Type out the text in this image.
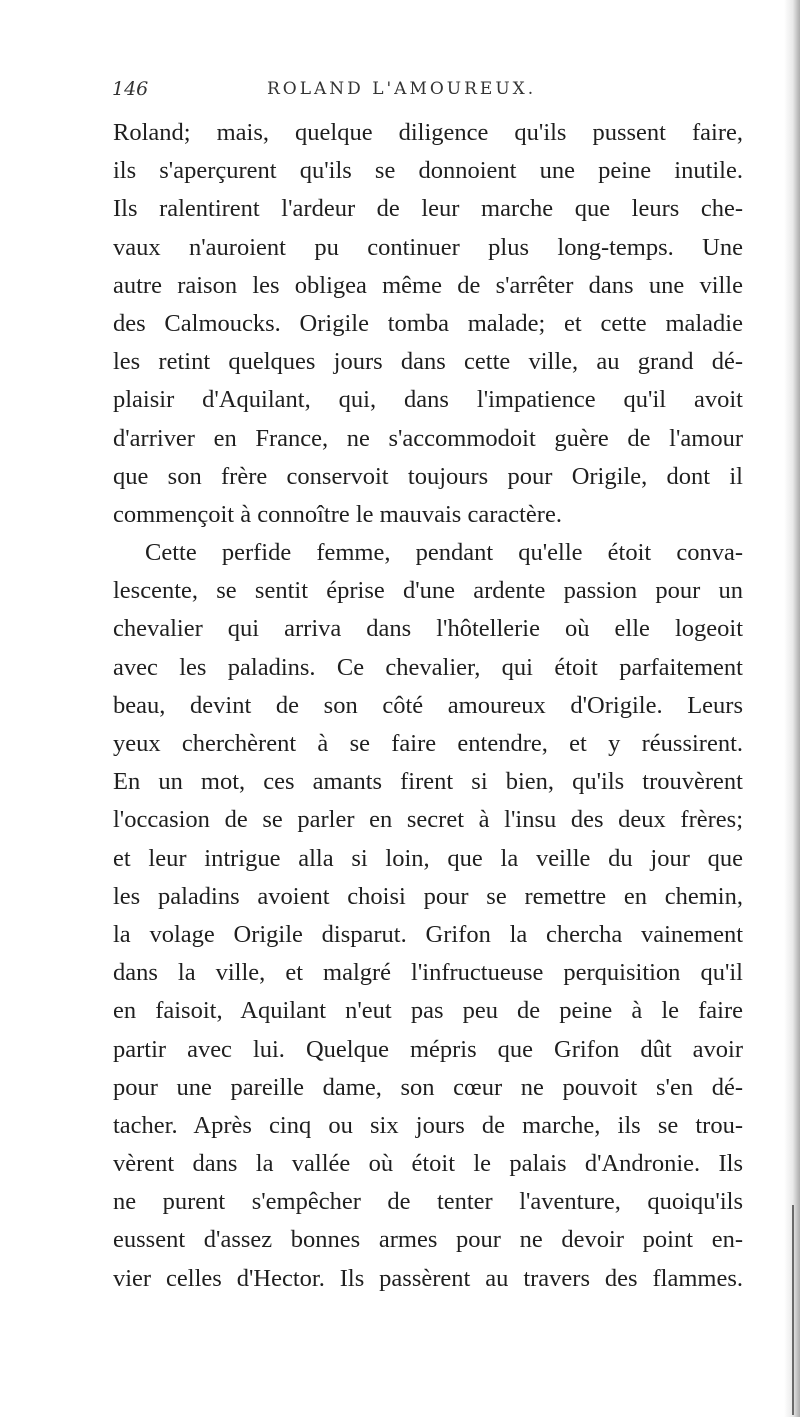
146	ROLAND L'AMOUREUX.
Roland; mais, quelque diligence qu'ils pussent faire,
ils s'aperçurent qu'ils se donnoient une peine inutile.
Ils ralentirent l'ardeur de leur marche que leurs che-
vaux n'auroient pu continuer plus long-temps. Une
autre raison les obligea même de s'arrêter dans une ville
des Calmoucks. Origile tomba malade; et cette maladie
les retint quelques jours dans cette ville, au grand dé-
plaisir d'Aquilant, qui, dans l'impatience qu'il avoit
d'arriver en France, ne s'accommodoit guère de l'amour
que son frère conservoit toujours pour Origile, dont il
commençoit à connoître le mauvais caractère.
Cette perfide femme, pendant qu'elle étoit conva-
lescente, se sentit éprise d'une ardente passion pour un
chevalier qui arriva dans l'hôtellerie où elle logeoit
avec les paladins. Ce chevalier, qui étoit parfaitement
beau, devint de son côté amoureux d'Origile. Leurs
yeux cherchèrent à se faire entendre, et y réussirent.
En un mot, ces amants firent si bien, qu'ils trouvèrent
l'occasion de se parler en secret à l'insu des deux frères;
et leur intrigue alla si loin, que la veille du jour que
les paladins avoient choisi pour se remettre en chemin,
la volage Origile disparut. Grifon la chercha vainement
dans la ville, et malgré l'infructueuse perquisition qu'il
en faisoit, Aquilant n'eut pas peu de peine à le faire
partir avec lui. Quelque mépris que Grifon dût avoir
pour une pareille dame, son cœur ne pouvoit s'en dé-
tacher. Après cinq ou six jours de marche, ils se trou-
vèrent dans la vallée où étoit le palais d'Andronie. Ils
ne purent s'empêcher de tenter l'aventure, quoiqu'ils
eussent d'assez bonnes armes pour ne devoir point en-
vier celles d'Hector. Ils passèrent au travers des flammes.
